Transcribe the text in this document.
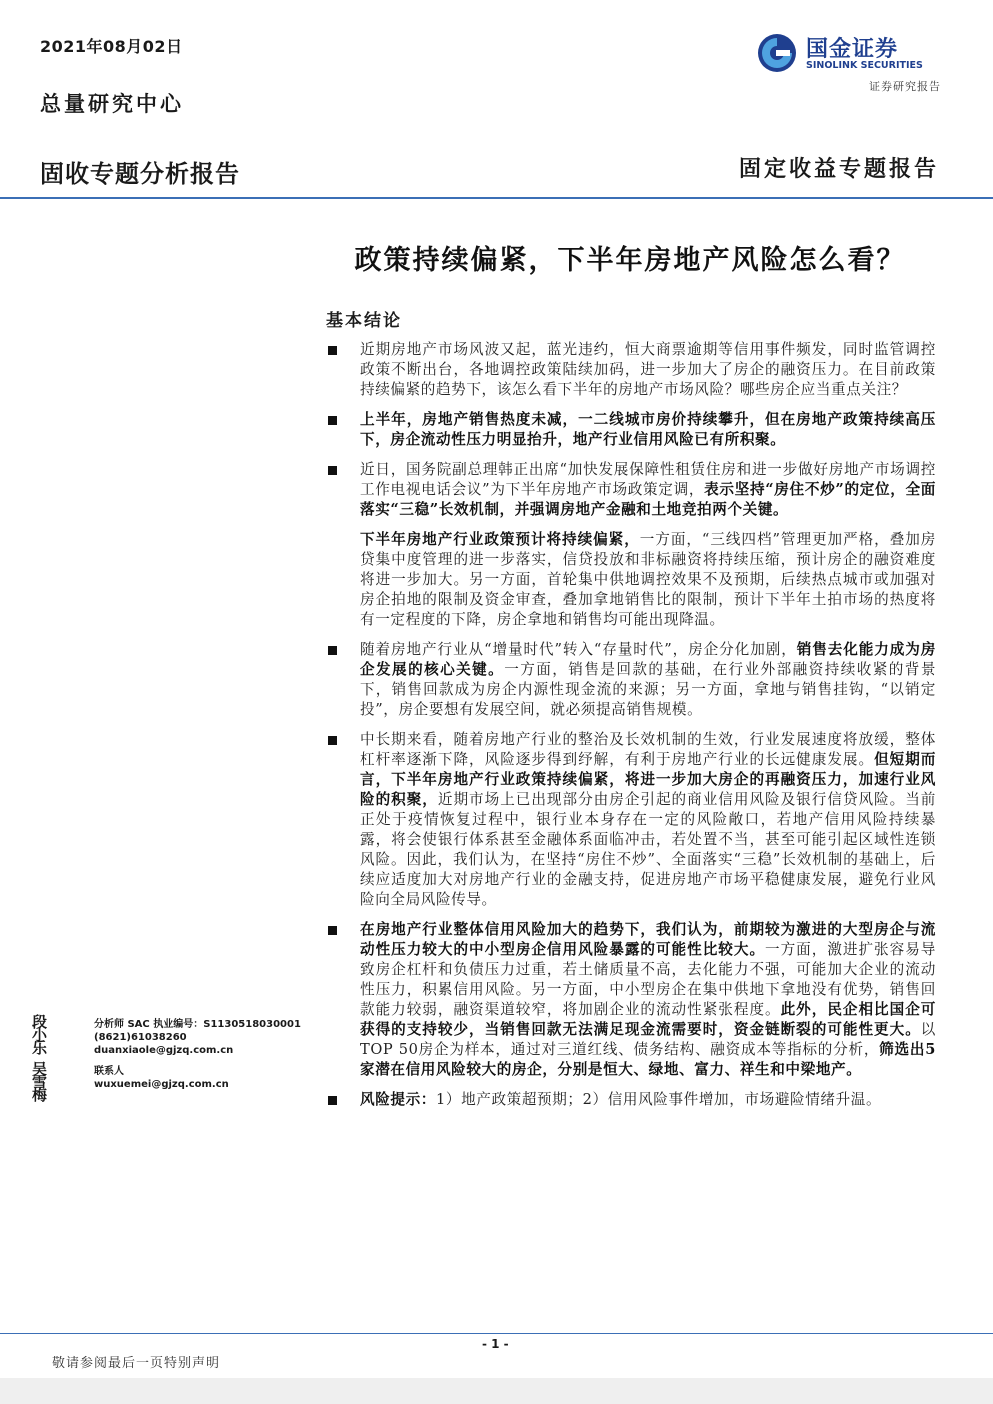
2021年08月02日
总量研究中心
固收专题分析报告	固定收益专题报告
国金证券
SINOLINK SECURITIES
证券研究报告
政策持续偏紧，下半年房地产风险怎么看？
基本结论
近期房地产市场风波又起，蓝光违约，恒大商票逾期等信用事件频发，同时监管调控政策不断出台，各地调控政策陆续加码，进一步加大了房企的融资压力。在目前政策持续偏紧的趋势下，该怎么看下半年的房地产市场风险？哪些房企应当重点关注？
上半年，房地产销售热度未减，一二线城市房价持续攀升，但在房地产政策持续高压下，房企流动性压力明显抬升，地产行业信用风险已有所积聚。
近日，国务院副总理韩正出席“加快发展保障性租赁住房和进一步做好房地产市场调控工作电视电话会议”为下半年房地产市场政策定调，表示坚持“房住不炒”的定位，全面落实“三稳”长效机制，并强调房地产金融和土地竞拍两个关键。
下半年房地产行业政策预计将持续偏紧，一方面，“三线四档”管理更加严格，叠加房贷集中度管理的进一步落实，信贷投放和非标融资将持续压缩，预计房企的融资难度将进一步加大。另一方面，首轮集中供地调控效果不及预期，后续热点城市或加强对房企拍地的限制及资金审查，叠加拿地销售比的限制，预计下半年土拍市场的热度将有一定程度的下降，房企拿地和销售均可能出现降温。
随着房地产行业从“增量时代”转入“存量时代”，房企分化加剧，销售去化能力成为房企发展的核心关键。一方面，销售是回款的基础，在行业外部融资持续收紧的背景下，销售回款成为房企内源性现金流的来源；另一方面，拿地与销售挂钩，“以销定投”，房企要想有发展空间，就必须提高销售规模。
中长期来看，随着房地产行业的整治及长效机制的生效，行业发展速度将放缓，整体杠杆率逐渐下降，风险逐步得到纾解，有利于房地产行业的长远健康发展。但短期而言，下半年房地产行业政策持续偏紧，将进一步加大房企的再融资压力，加速行业风险的积聚，近期市场上已出现部分由房企引起的商业信用风险及银行信贷风险。当前正处于疫情恢复过程中，银行业本身存在一定的风险敞口，若地产信用风险持续暴露，将会使银行体系甚至金融体系面临冲击，若处置不当，甚至可能引起区域性连锁风险。因此，我们认为，在坚持“房住不炒”、全面落实“三稳”长效机制的基础上，后续应适度加大对房地产行业的金融支持，促进房地产市场平稳健康发展，避免行业风险向全局风险传导。
在房地产行业整体信用风险加大的趋势下，我们认为，前期较为激进的大型房企与流动性压力较大的中小型房企信用风险暴露的可能性比较大。一方面，激进扩张容易导致房企杠杆和负债压力过重，若土储质量不高，去化能力不强，可能加大企业的流动性压力，积累信用风险。另一方面，中小型房企在集中供地下拿地没有优势，销售回款能力较弱，融资渠道较窄，将加剧企业的流动性紧张程度。此外，民企相比国企可获得的支持较少，当销售回款无法满足现金流需要时，资金链断裂的可能性更大。以TOP 50房企为样本，通过对三道红线、债务结构、融资成本等指标的分析，筛选出5家潜在信用风险较大的房企，分别是恒大、绿地、富力、祥生和中梁地产。
风险提示：1）地产政策超预期；2）信用风险事件增加，市场避险情绪升温。
段小乐
分析师 SAC 执业编号：S1130518030001
(8621)61038260
duanxiaole@gjzq.com.cn
吴雪梅
联系人
wuxuemei@gjzq.com.cn
- 1 -
敬请参阅最后一页特别声明
